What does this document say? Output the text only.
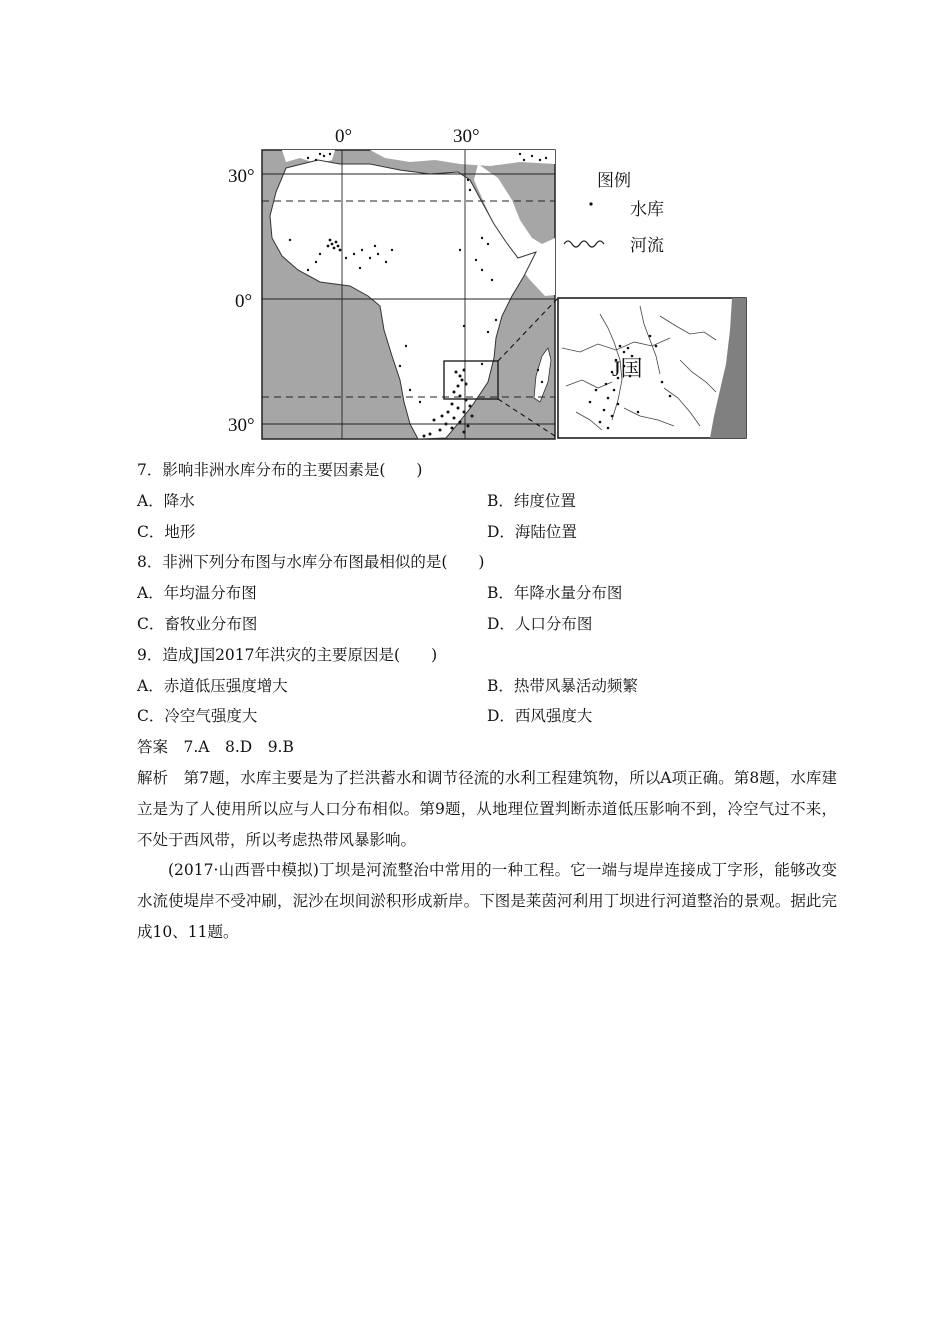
0°	30°
30°
0°
30°
图例
水库
河流
J国
7．影响非洲水库分布的主要因素是(　　)
A．降水	B．纬度位置
C．地形	D．海陆位置
8．非洲下列分布图与水库分布图最相似的是(　　)
A．年均温分布图	B．年降水量分布图
C．畜牧业分布图	D．人口分布图
9．造成J国2017年洪灾的主要原因是(　　)
A．赤道低压强度增大	B．热带风暴活动频繁
C．冷空气强度大	D．西风强度大
答案　7.A　8.D　9.B
解析　第7题，水库主要是为了拦洪蓄水和调节径流的水利工程建筑物，所以A项正确。第8题，水库建立是为了人使用所以应与人口分布相似。第9题，从地理位置判断赤道低压影响不到，冷空气过不来，不处于西风带，所以考虑热带风暴影响。
(2017·山西晋中模拟)丁坝是河流整治中常用的一种工程。它一端与堤岸连接成丁字形，能够改变水流使堤岸不受冲刷，泥沙在坝间淤积形成新岸。下图是莱茵河利用丁坝进行河道整治的景观。据此完成10、11题。
